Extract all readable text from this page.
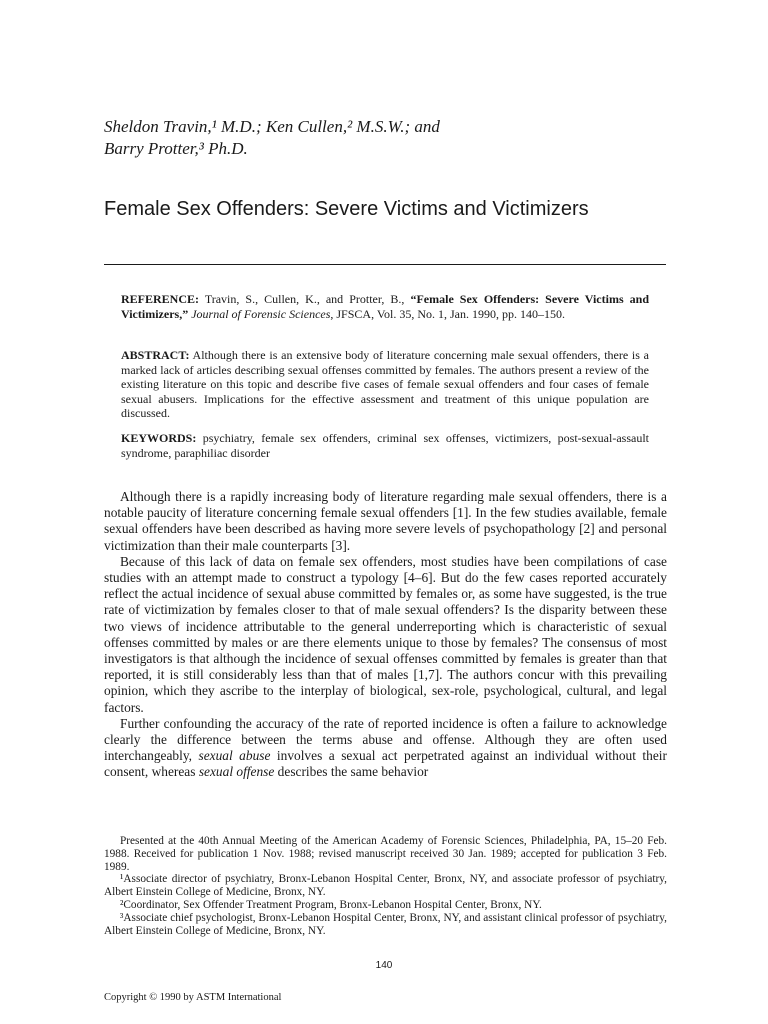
Sheldon Travin,¹ M.D.; Ken Cullen,² M.S.W.; and
Barry Protter,³ Ph.D.
Female Sex Offenders: Severe Victims and Victimizers
REFERENCE: Travin, S., Cullen, K., and Protter, B., “Female Sex Offenders: Severe Victims and Victimizers,” Journal of Forensic Sciences, JFSCA, Vol. 35, No. 1, Jan. 1990, pp. 140–150.
ABSTRACT: Although there is an extensive body of literature concerning male sexual offenders, there is a marked lack of articles describing sexual offenses committed by females. The authors present a review of the existing literature on this topic and describe five cases of female sexual offenders and four cases of female sexual abusers. Implications for the effective assessment and treatment of this unique population are discussed.
KEYWORDS: psychiatry, female sex offenders, criminal sex offenses, victimizers, post-sexual-assault syndrome, paraphiliac disorder

Although there is a rapidly increasing body of literature regarding male sexual offenders, there is a notable paucity of literature concerning female sexual offenders [1]. In the few studies available, female sexual offenders have been described as having more severe levels of psychopathology [2] and personal victimization than their male counterparts [3].

Because of this lack of data on female sex offenders, most studies have been compilations of case studies with an attempt made to construct a typology [4–6]. But do the few cases reported accurately reflect the actual incidence of sexual abuse committed by females or, as some have suggested, is the true rate of victimization by females closer to that of male sexual offenders? Is the disparity between these two views of incidence attributable to the general underreporting which is characteristic of sexual offenses committed by males or are there elements unique to those by females? The consensus of most investigators is that although the incidence of sexual offenses committed by females is greater than that reported, it is still considerably less than that of males [1,7]. The authors concur with this prevailing opinion, which they ascribe to the interplay of biological, sex-role, psychological, cultural, and legal factors.

Further confounding the accuracy of the rate of reported incidence is often a failure to acknowledge clearly the difference between the terms abuse and offense. Although they are often used interchangeably, sexual abuse involves a sexual act perpetrated against an individual without their consent, whereas sexual offense describes the same behavior

Presented at the 40th Annual Meeting of the American Academy of Forensic Sciences, Philadelphia, PA, 15–20 Feb. 1988. Received for publication 1 Nov. 1988; revised manuscript received 30 Jan. 1989; accepted for publication 3 Feb. 1989.

¹Associate director of psychiatry, Bronx-Lebanon Hospital Center, Bronx, NY, and associate professor of psychiatry, Albert Einstein College of Medicine, Bronx, NY.

²Coordinator, Sex Offender Treatment Program, Bronx-Lebanon Hospital Center, Bronx, NY.

³Associate chief psychologist, Bronx-Lebanon Hospital Center, Bronx, NY, and assistant clinical professor of psychiatry, Albert Einstein College of Medicine, Bronx, NY.

140
Copyright © 1990 by ASTM International
